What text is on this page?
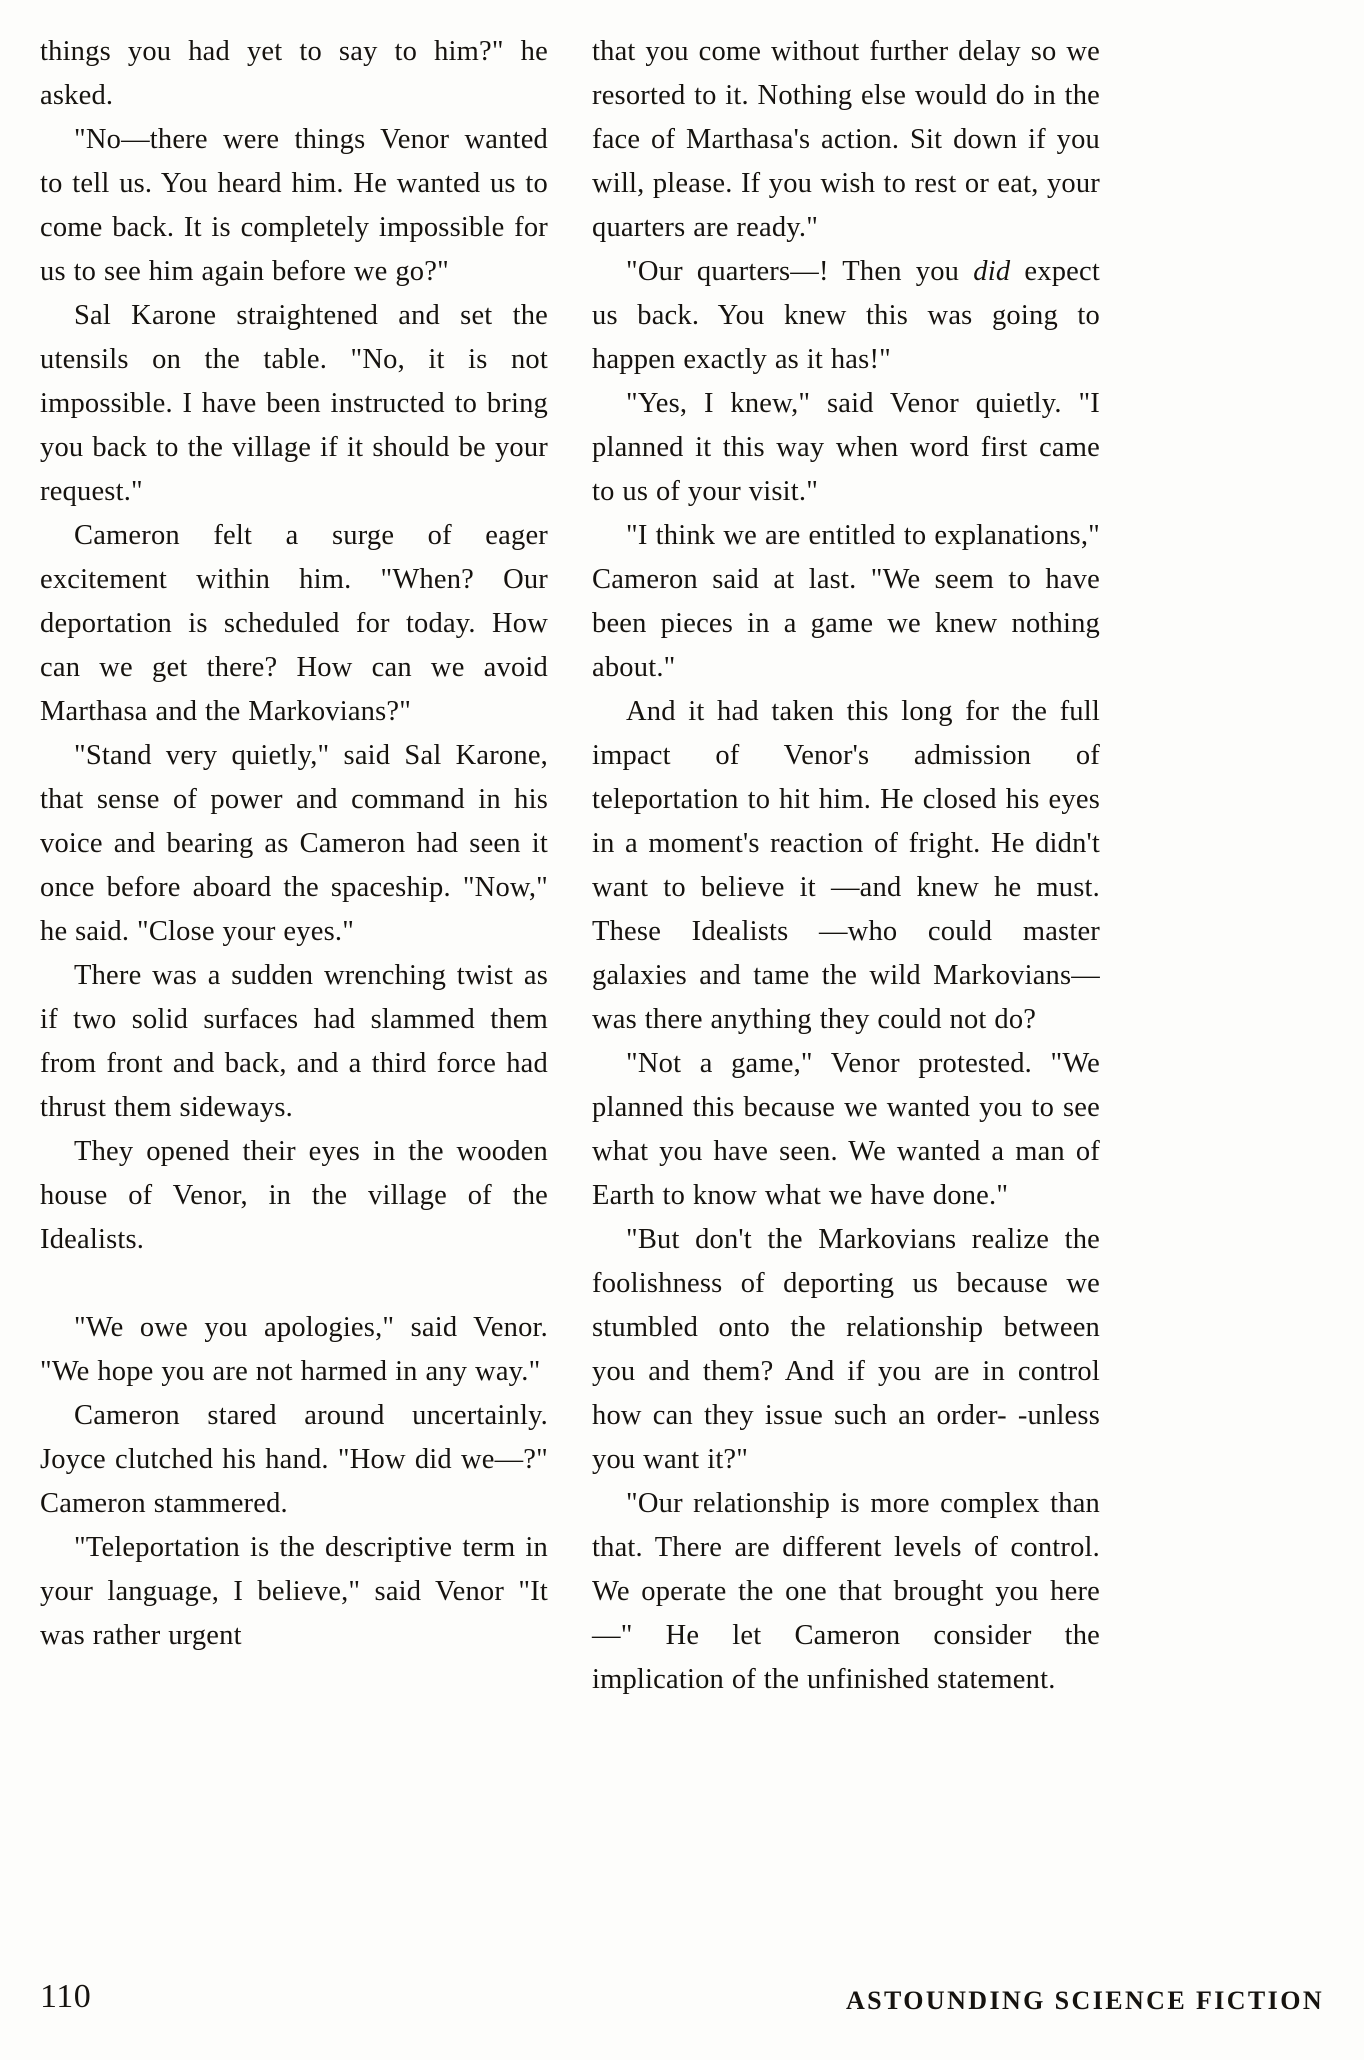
things you had yet to say to him?" he asked.

"No—there were things Venor wanted to tell us. You heard him. He wanted us to come back. It is completely impossible for us to see him again before we go?"

Sal Karone straightened and set the utensils on the table. "No, it is not impossible. I have been instructed to bring you back to the village if it should be your request."

Cameron felt a surge of eager excitement within him. "When? Our deportation is scheduled for today. How can we get there? How can we avoid Marthasa and the Markovians?"

"Stand very quietly," said Sal Karone, that sense of power and command in his voice and bearing as Cameron had seen it once before aboard the spaceship. "Now," he said. "Close your eyes."

There was a sudden wrenching twist as if two solid surfaces had slammed them from front and back, and a third force had thrust them sideways.

They opened their eyes in the wooden house of Venor, in the village of the Idealists.

"We owe you apologies," said Venor. "We hope you are not harmed in any way."

Cameron stared around uncertainly. Joyce clutched his hand. "How did we—?" Cameron stammered.

"Teleportation is the descriptive term in your language, I believe," said Venor "It was rather urgent

that you come without further delay so we resorted to it. Nothing else would do in the face of Marthasa's action. Sit down if you will, please. If you wish to rest or eat, your quarters are ready."

"Our quarters—! Then you did expect us back. You knew this was going to happen exactly as it has!"

"Yes, I knew," said Venor quietly. "I planned it this way when word first came to us of your visit."

"I think we are entitled to explanations," Cameron said at last. "We seem to have been pieces in a game we knew nothing about."

And it had taken this long for the full impact of Venor's admission of teleportation to hit him. He closed his eyes in a moment's reaction of fright. He didn't want to believe it —and knew he must. These Idealists —who could master galaxies and tame the wild Markovians— was there anything they could not do?

"Not a game," Venor protested. "We planned this because we wanted you to see what you have seen. We wanted a man of Earth to know what we have done."

"But don't the Markovians realize the foolishness of deporting us because we stumbled onto the relationship between you and them? And if you are in control how can they issue such an order- -unless you want it?"

"Our relationship is more complex than that. There are different levels of control. We operate the one that brought you here—" He let Cameron consider the implication of the unfinished statement.

110	ASTOUNDING SCIENCE FICTION
